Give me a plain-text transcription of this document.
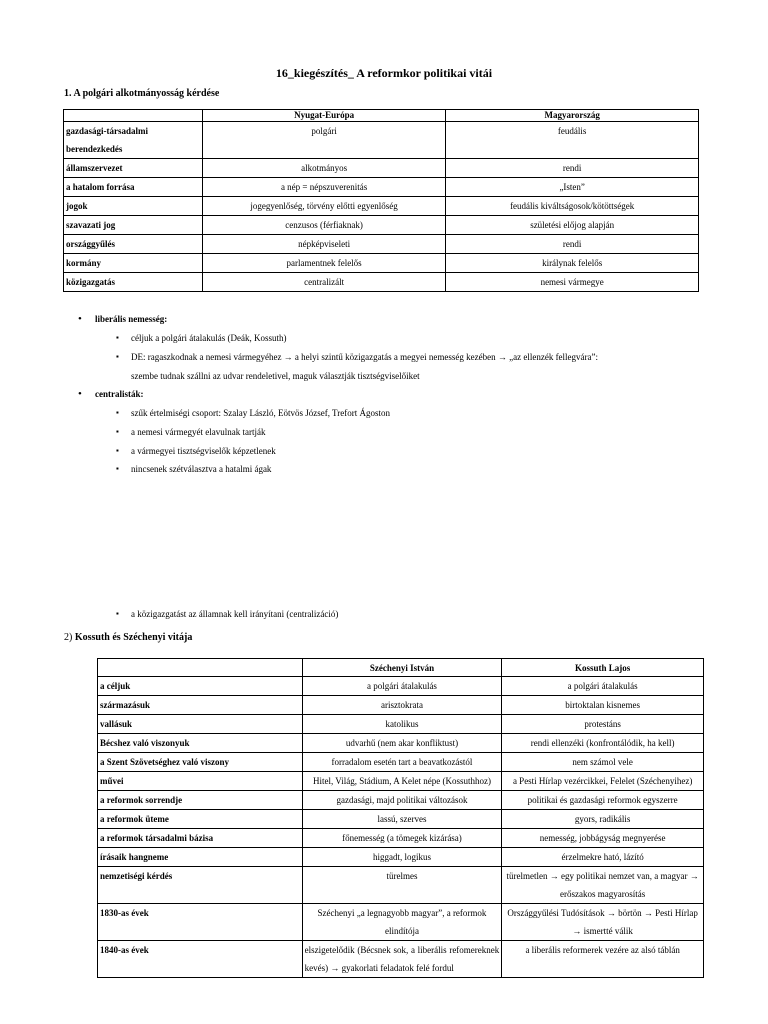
16_kiegészítés_ A reformkor politikai vitái
1. A polgári alkotmányosság kérdése
	Nyugat-Európa	Magyarország
gazdasági-társadalmi berendezkedés	polgári	feudális
államszervezet	alkotmányos	rendi
a hatalom forrása	a nép = népszuverenitás	„Isten”
jogok	jogegyenlőség, törvény előtti egyenlőség	feudális kiváltságosok/kötöttségek
szavazati jog	cenzusos (férfiaknak)	születési előjog alapján
országgyűlés	népképviseleti	rendi
kormány	parlamentnek felelős	királynak felelős
közigazgatás	centralizált	nemesi vármegye
• liberális nemesség:
▪ céljuk a polgári átalakulás (Deák, Kossuth)
▪ DE: ragaszkodnak a nemesi vármegyéhez → a helyi szintű közigazgatás a megyei nemesség kezében → „az ellenzék fellegvára”:
szembe tudnak szállni az udvar rendeletivel, maguk választják tisztségviselőiket
• centralisták:
▪ szűk értelmiségi csoport: Szalay László, Eötvös József, Trefort Ágoston
▪ a nemesi vármegyét elavulnak tartják
▪ a vármegyei tisztségviselők képzetlenek
▪ nincsenek szétválasztva a hatalmi ágak
▪ a közigazgatást az államnak kell irányítani (centralizáció)
2) Kossuth és Széchenyi vitája
	Széchenyi István	Kossuth Lajos
a céljuk	a polgári átalakulás	a polgári átalakulás
származásuk	arisztokrata	birtoktalan kisnemes
vallásuk	katolikus	protestáns
Bécshez való viszonyuk	udvarhű (nem akar konfliktust)	rendi ellenzéki (konfrontálódik, ha kell)
a Szent Szövetséghez való viszony	forradalom esetén tart a beavatkozástól	nem számol vele
művei	Hitel, Világ, Stádium, A Kelet népe (Kossuthhoz)	a Pesti Hírlap vezércikkei, Felelet (Széchenyihez)
a reformok sorrendje	gazdasági, majd politikai változások	politikai és gazdasági reformok egyszerre
a reformok üteme	lassú, szerves	gyors, radikális
a reformok társadalmi bázisa	főnemesség (a tömegek kizárása)	nemesség, jobbágyság megnyerése
írásaik hangneme	higgadt, logikus	érzelmekre ható, lázító
nemzetiségi kérdés	türelmes	türelmetlen → egy politikai nemzet van, a magyar → erőszakos magyarosítás
1830-as évek	Széchenyi „a legnagyobb magyar”, a reformok elindítója	Országgyűlési Tudósítások → börtön → Pesti Hírlap → ismertté válik
1840-as évek	elszigetelődik (Bécsnek sok, a liberális refomereknek kevés) → gyakorlati feladatok felé fordul	a liberális reformerek vezére az alsó táblán
